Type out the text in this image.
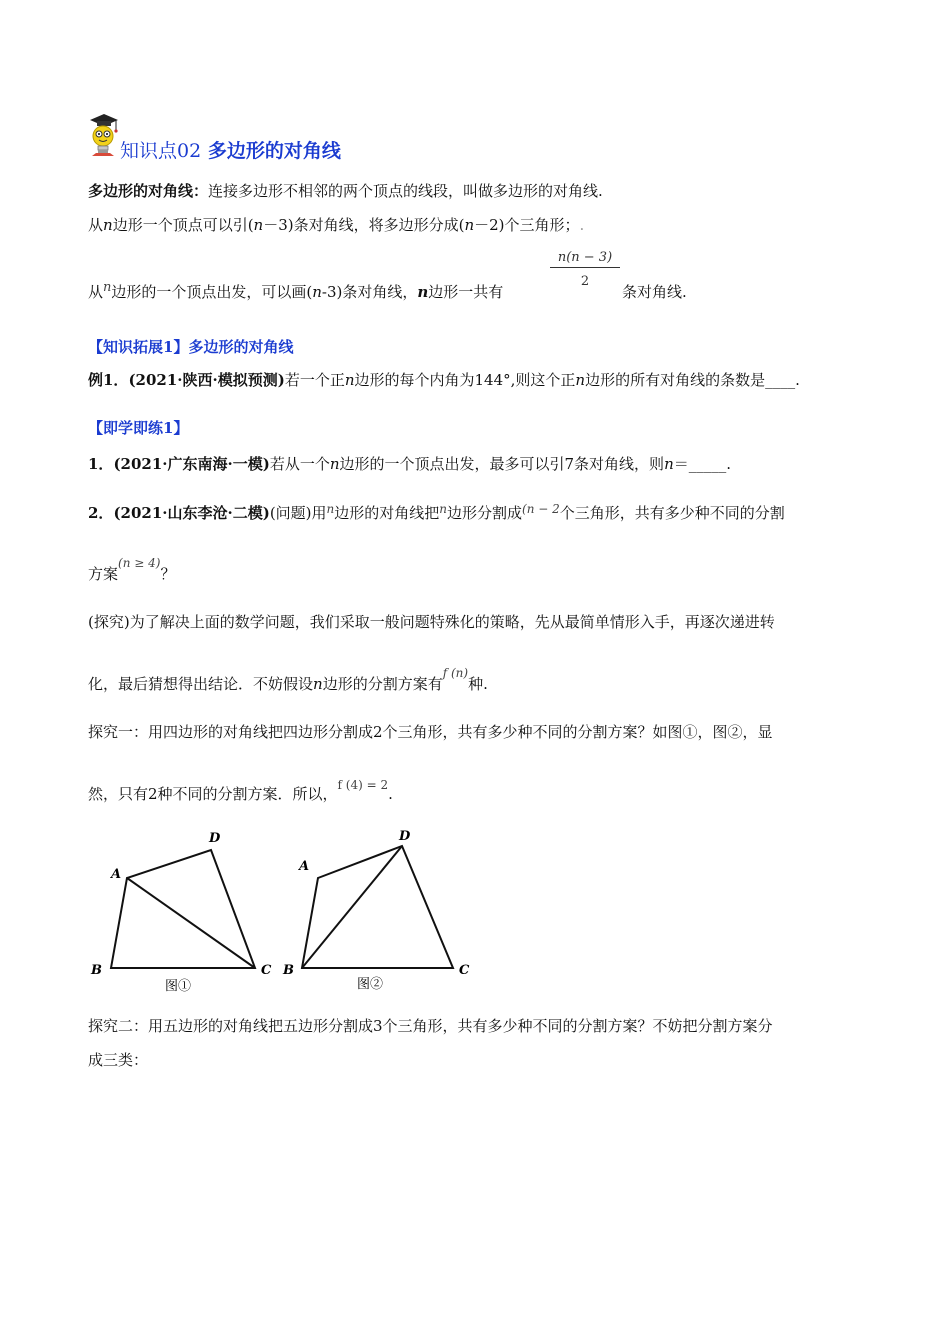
知识点02 多边形的对角线
多边形的对角线：连接多边形不相邻的两个顶点的线段，叫做多边形的对角线.
从n边形一个顶点可以引(n－3)条对角线，将多边形分成(n－2)个三角形；.
从n边形的一个顶点出发，可以画(n-3)条对角线，n边形一共有
$\frac{n(n - 3)}{2}$
条对角线.
【知识拓展1】多边形的对角线
例1．(2021·陕西·模拟预测)若一个正n边形的每个内角为144°,则这个正n边形的所有对角线的条数是____.
【即学即练1】
1．(2021·广东南海·一模)若从一个n边形的一个顶点出发，最多可以引7条对角线，则n＝_____.
2．(2021·山东李沧·二模)(问题)用$^n$边形的对角线把$^n$边形分割成$^{(n - 2}$个三角形，共有多少种不同的分割
方案$^{(n \ge 4)}$？
(探究)为了解决上面的数学问题，我们采取一般问题特殊化的策略，先从最简单情形入手，再逐次递进转
化，最后猜想得出结论．不妨假设n边形的分割方案有$^{f (n)}$种.
探究一：用四边形的对角线把四边形分割成2个三角形，共有多少种不同的分割方案？如图①，图②，显
然，只有2种不同的分割方案．所以，$^{f (4) = 2}$.
A
D
B	C
图①
A
D
B	C
图②
探究二：用五边形的对角线把五边形分割成3个三角形，共有多少种不同的分割方案？不妨把分割方案分
成三类：
